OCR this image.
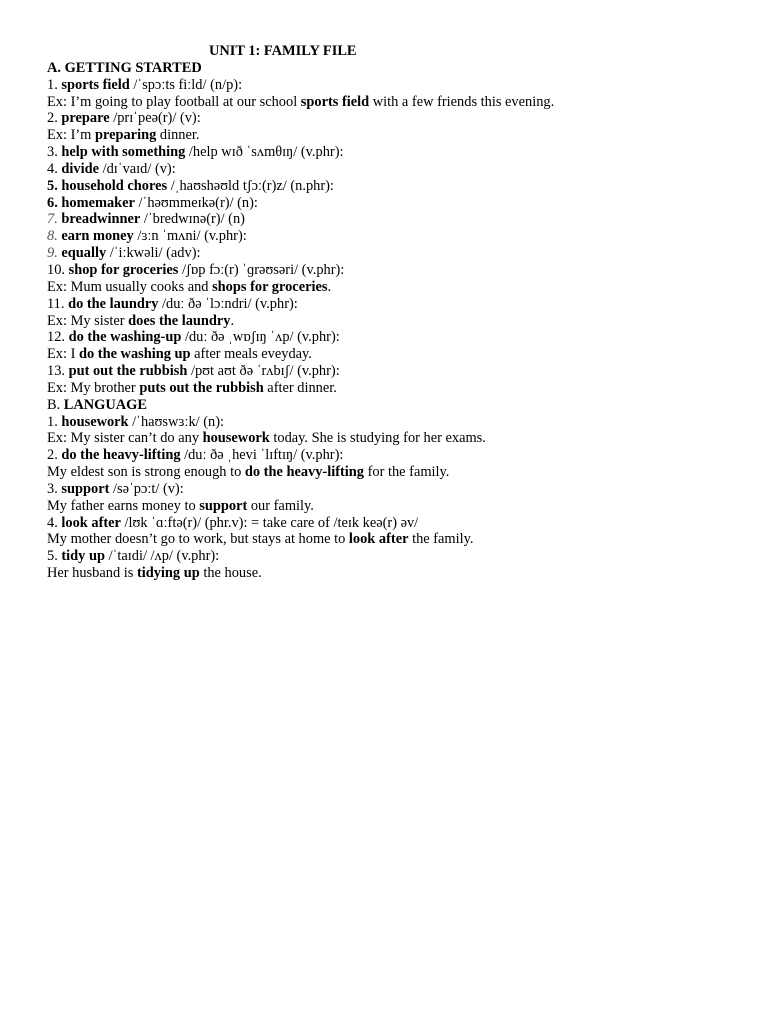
UNIT 1: FAMILY FILE
A. GETTING STARTED
1. sports field /ˈspɔːts fiːld/ (n/p):
Ex: I’m going to play football at our school sports field with a few friends this evening.
2. prepare /prɪˈpeə(r)/ (v):
Ex: I’m preparing dinner.
3. help with something /help wɪð ˈsʌmθɪŋ/ (v.phr):
4. divide /dɪˈvaɪd/ (v):
5. household chores /ˌhaʊshəʊld tʃɔː(r)z/ (n.phr):
6. homemaker /ˈhəʊmmeɪkə(r)/ (n):
7. breadwinner /ˈbredwɪnə(r)/ (n)
8. earn money /ɜːn ˈmʌni/ (v.phr):
9. equally /ˈiːkwəli/ (adv):
10. shop for groceries /ʃɒp fɔː(r) ˈɡrəʊsəri/ (v.phr):
Ex: Mum usually cooks and shops for groceries.
11. do the laundry /duː ðə ˈlɔːndri/ (v.phr):
Ex: My sister does the laundry.
12. do the washing-up /duː ðə ˌwɒʃɪŋ ˈʌp/ (v.phr):
Ex: I do the washing up after meals eveyday.
13. put out the rubbish /pʊt aʊt ðə ˈrʌbɪʃ/ (v.phr):
Ex: My brother puts out the rubbish after dinner.
B. LANGUAGE
1. housework /ˈhaʊswɜːk/ (n):
Ex: My sister can’t do any housework today. She is studying for her exams.
2. do the heavy-lifting /duː ðə ˌhevi ˈlɪftɪŋ/ (v.phr):
My eldest son is strong enough to do the heavy-lifting for the family.
3. support /səˈpɔːt/ (v):
My father earns money to support our family.
4. look after /lʊk ˈɑːftə(r)/ (phr.v): = take care of /teɪk keə(r) əv/
My mother doesn’t go to work, but stays at home to look after the family.
5. tidy up /ˈtaɪdi/ /ʌp/ (v.phr):
Her husband is tidying up the house.
